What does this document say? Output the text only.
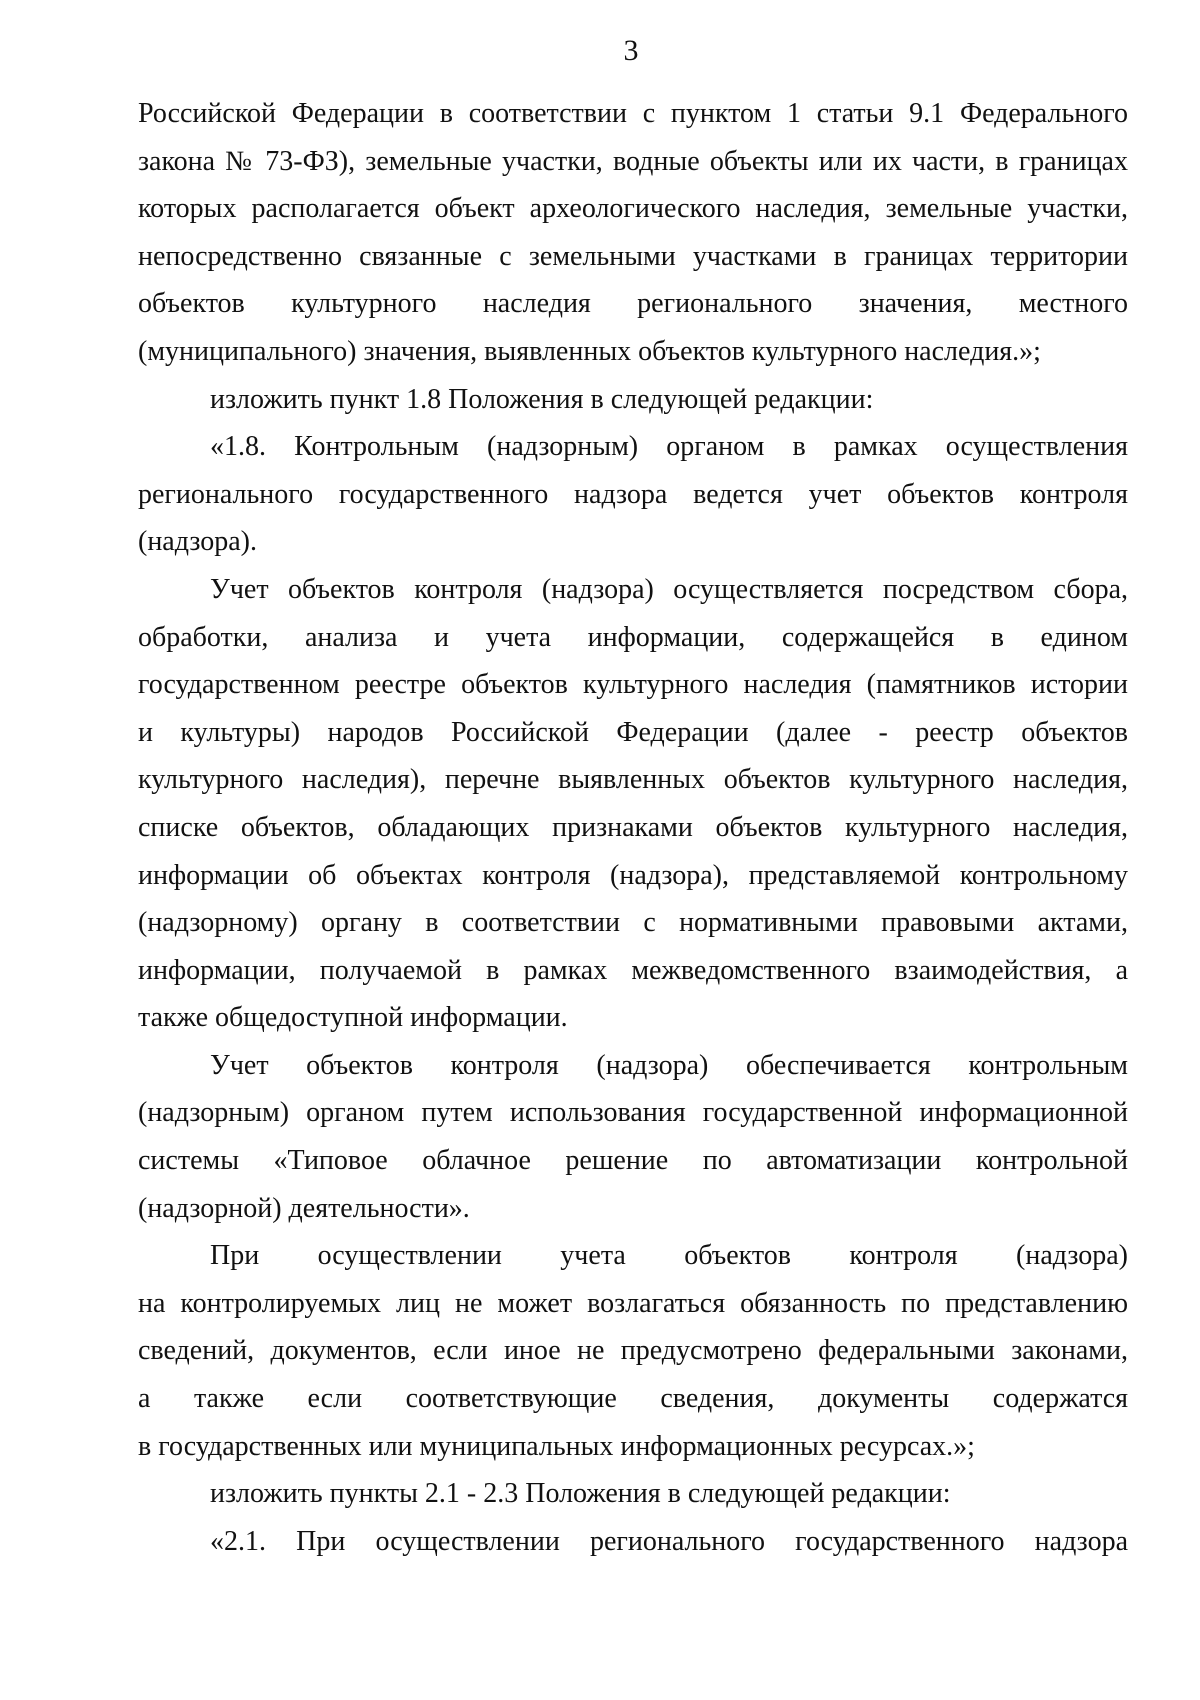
3
Российской Федерации в соответствии с пунктом 1 статьи 9.1 Федерального
закона № 73-ФЗ), земельные участки, водные объекты или их части, в границах
которых располагается объект археологического наследия, земельные участки,
непосредственно связанные с земельными участками в границах территории
объектов культурного наследия регионального значения, местного
(муниципального) значения, выявленных объектов культурного наследия.»;
изложить пункт 1.8 Положения в следующей редакции:
«1.8. Контрольным (надзорным) органом в рамках осуществления
регионального государственного надзора ведется учет объектов контроля
(надзора).
Учет объектов контроля (надзора) осуществляется посредством сбора,
обработки, анализа и учета информации, содержащейся в едином
государственном реестре объектов культурного наследия (памятников истории
и культуры) народов Российской Федерации (далее - реестр объектов
культурного наследия), перечне выявленных объектов культурного наследия,
списке объектов, обладающих признаками объектов культурного наследия,
информации об объектах контроля (надзора), представляемой контрольному
(надзорному) органу в соответствии с нормативными правовыми актами,
информации, получаемой в рамках межведомственного взаимодействия, а
также общедоступной информации.
Учет объектов контроля (надзора) обеспечивается контрольным
(надзорным) органом путем использования государственной информационной
системы «Типовое облачное решение по автоматизации контрольной
(надзорной) деятельности».
При осуществлении учета объектов контроля (надзора)
на контролируемых лиц не может возлагаться обязанность по представлению
сведений, документов, если иное не предусмотрено федеральными законами,
а также если соответствующие сведения, документы содержатся
в государственных или муниципальных информационных ресурсах.»;
изложить пункты 2.1 - 2.3 Положения в следующей редакции:
«2.1. При осуществлении регионального государственного надзора
